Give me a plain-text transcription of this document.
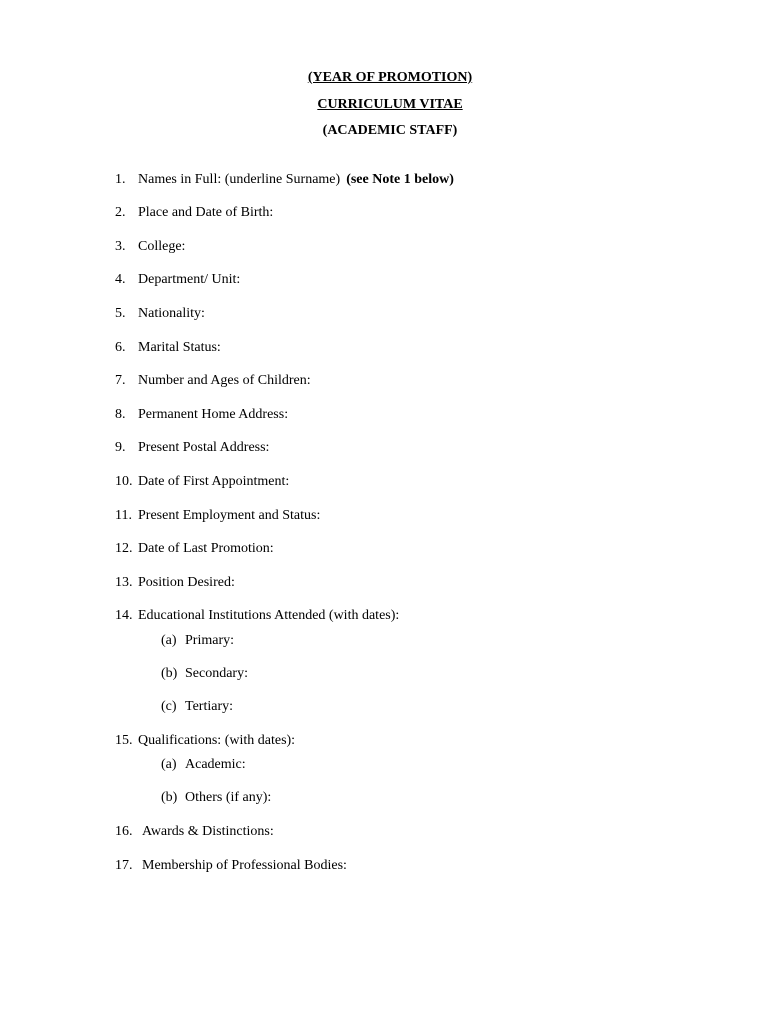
(YEAR OF PROMOTION)
CURRICULUM VITAE
(ACADEMIC STAFF)
1. Names in Full: (underline Surname) (see Note 1 below)
2. Place and Date of Birth:
3. College:
4. Department/ Unit:
5. Nationality:
6. Marital Status:
7. Number and Ages of Children:
8. Permanent Home Address:
9. Present Postal Address:
10. Date of First Appointment:
11. Present Employment and Status:
12. Date of Last Promotion:
13. Position Desired:
14. Educational Institutions Attended (with dates):
(a) Primary:
(b) Secondary:
(c) Tertiary:
15. Qualifications: (with dates):
(a) Academic:
(b) Others (if any):
16. Awards & Distinctions:
17. Membership of Professional Bodies:
